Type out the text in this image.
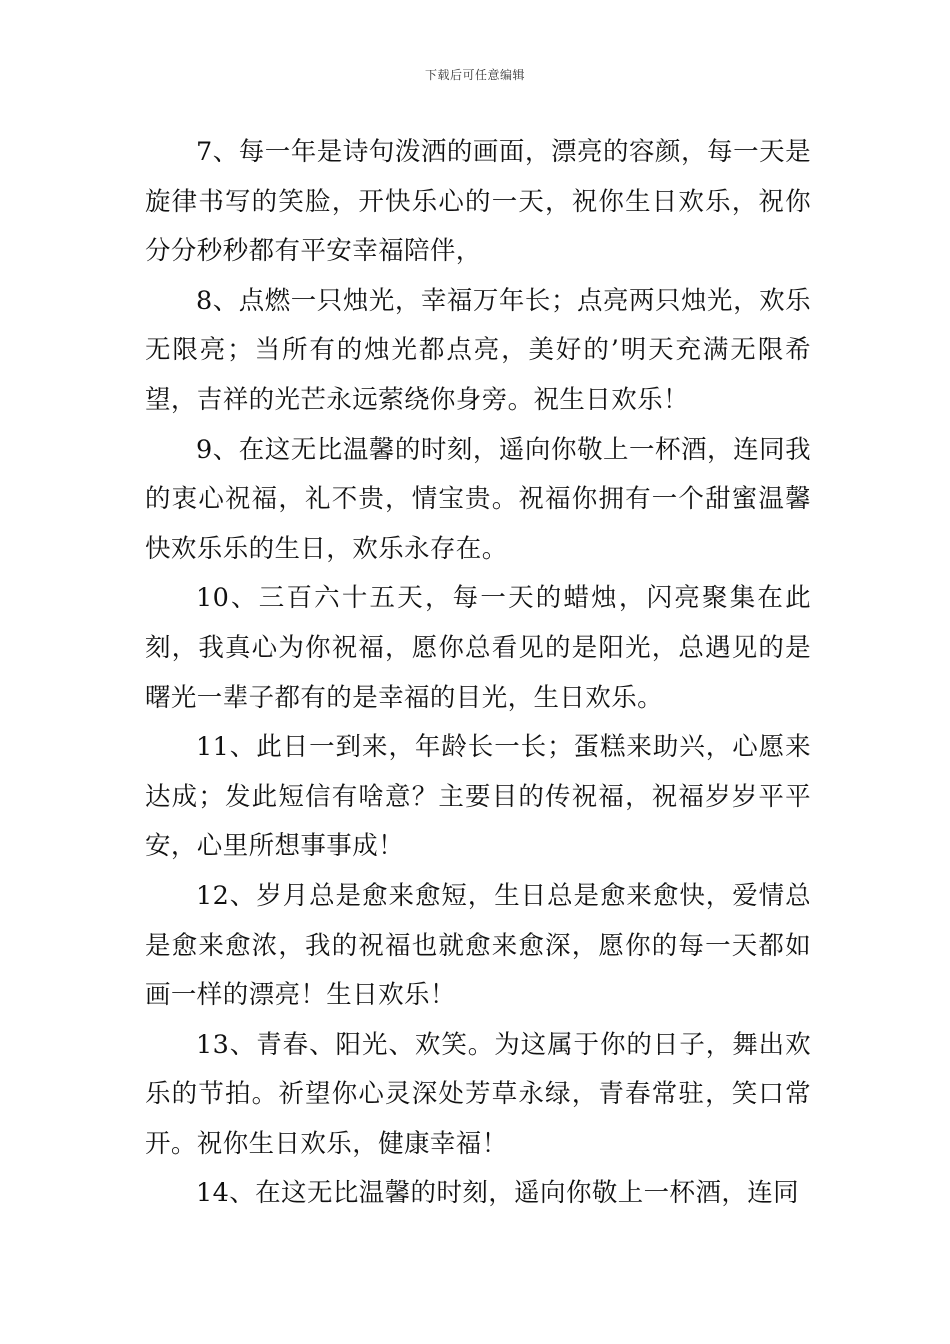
下载后可任意编辑

7、每一年是诗句泼洒的画面，漂亮的容颜，每一天是旋律书写的笑脸，开快乐心的一天，祝你生日欢乐，祝你分分秒秒都有平安幸福陪伴，

8、点燃一只烛光，幸福万年长；点亮两只烛光，欢乐无限亮；当所有的烛光都点亮，美好的’明天充满无限希望，吉祥的光芒永远萦绕你身旁。祝生日欢乐！

9、在这无比温馨的时刻，遥向你敬上一杯酒，连同我的衷心祝福，礼不贵，情宝贵。祝福你拥有一个甜蜜温馨快欢乐乐的生日，欢乐永存在。

10、三百六十五天，每一天的蜡烛，闪亮聚集在此刻，我真心为你祝福，愿你总看见的是阳光，总遇见的是曙光一辈子都有的是幸福的目光，生日欢乐。

11、此日一到来，年龄长一长；蛋糕来助兴，心愿来达成；发此短信有啥意？主要目的传祝福，祝福岁岁平平安，心里所想事事成！

12、岁月总是愈来愈短，生日总是愈来愈快，爱情总是愈来愈浓，我的祝福也就愈来愈深，愿你的每一天都如画一样的漂亮！生日欢乐！

13、青春、阳光、欢笑。为这属于你的日子，舞出欢乐的节拍。祈望你心灵深处芳草永绿，青春常驻，笑口常开。祝你生日欢乐，健康幸福！

14、在这无比温馨的时刻，遥向你敬上一杯酒，连同
